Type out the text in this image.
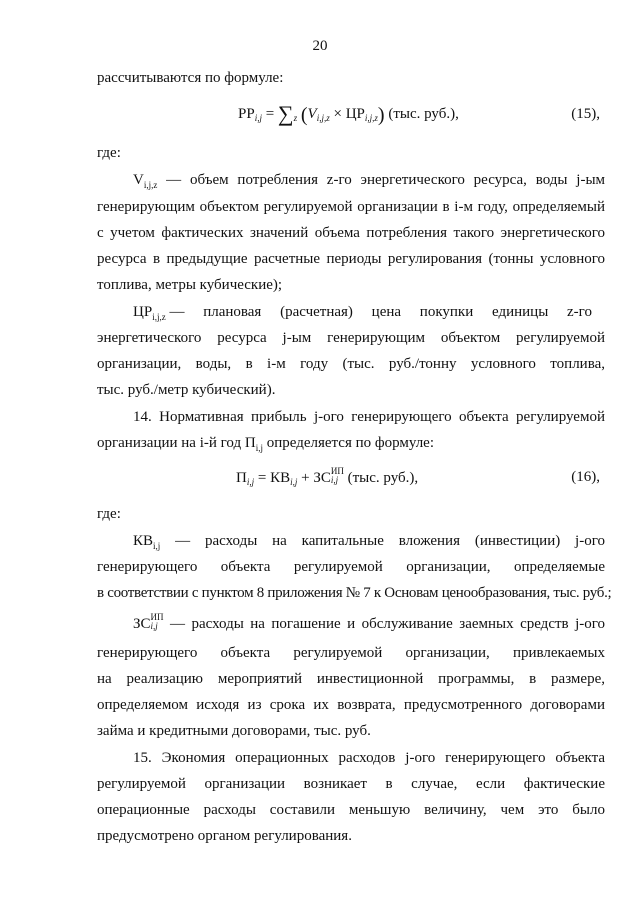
20
рассчитываются по формуле:
$РР_{i,j} = \sum_z$ $(V_{i,j,z} \times ЦР_{i,j,z})$ (тыс. руб.),	(15),
где:
$V_{i,j,z}$ — объем потребления z-го энергетического ресурса, воды j-ым
генерирующим объектом регулируемой организации в i-м году, определяемый
с учетом фактических значений объема потребления такого энергетического
ресурса в предыдущие расчетные периоды регулирования (тонны условного
топлива, метры кубические);
$ЦР_{i,j,z}$ —     плановая     (расчетная)     цена     покупки     единицы     z-го
энергетического ресурса j-ым генерирующим объектом регулируемой
организации, воды, в i-м году (тыс. руб./тонну условного топлива,
тыс. руб./метр кубический).
14. Нормативная прибыль j-ого генерирующего объекта регулируемой
организации на i-й год $П_{i,j}$ определяется по формуле:
$П_{i,j} = КВ_{i,j}$ + ЗС ИП
i,j (тыс. руб.),	(16),
где:
$КВ_{i,j}$ — расходы на капитальные вложения (инвестиции) j-ого
генерирующего объекта регулируемой организации, определяемые
в соответствии с пунктом 8 приложения № 7 к Основам ценообразования, тыс. руб.;
ЗС ИП
i,j — расходы на погашение и обслуживание заемных средств j-ого
генерирующего объекта регулируемой организации, привлекаемых
на реализацию мероприятий инвестиционной программы, в размере,
определяемом исходя из срока их возврата, предусмотренного договорами
займа и кредитными договорами, тыс. руб.
15. Экономия операционных расходов j-ого генерирующего объекта
регулируемой организации возникает в случае, если фактические
операционные расходы составили меньшую величину, чем это было
предусмотрено органом регулирования.
